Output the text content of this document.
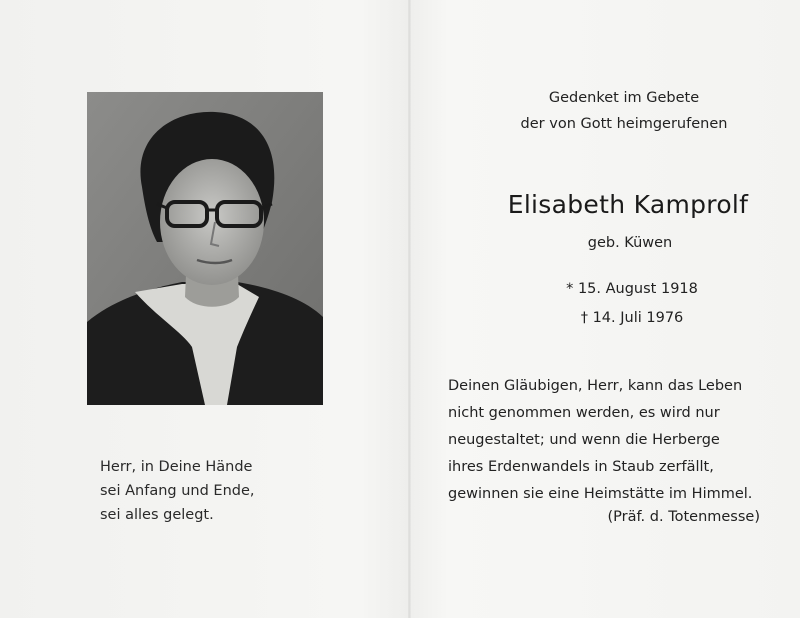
Herr, in Deine Hände
sei Anfang und Ende,
sei alles gelegt.
Gedenket im Gebete
der von Gott heimgerufenen
Elisabeth Kamprolf
geb. Küwen
* 15. August 1918
† 14. Juli 1976
Deinen Gläubigen, Herr, kann das Leben
nicht genommen werden, es wird nur
neugestaltet; und wenn die Herberge
ihres Erdenwandels in Staub zerfällt,
gewinnen sie eine Heimstätte im Himmel.
(Präf. d. Totenmesse)
